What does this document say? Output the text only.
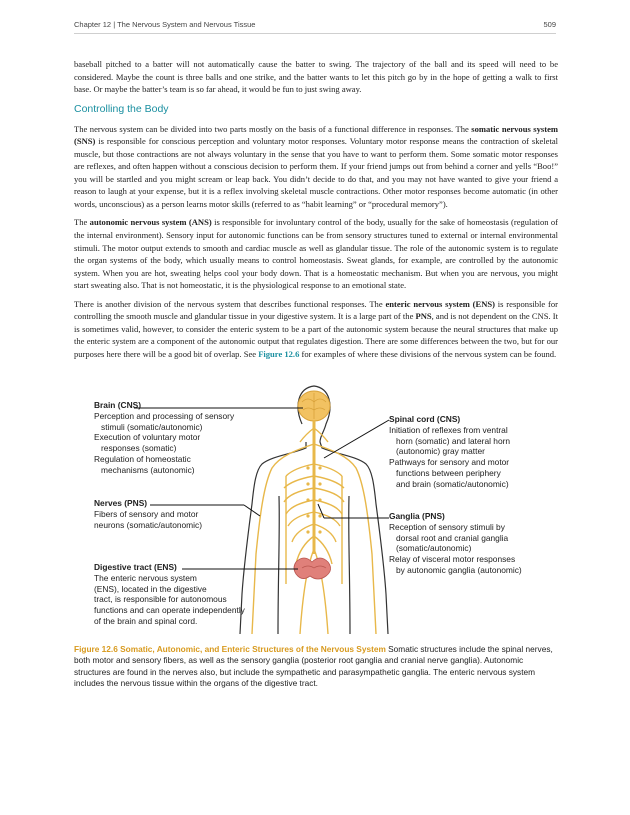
Chapter 12 | The Nervous System and Nervous Tissue	509

baseball pitched to a batter will not automatically cause the batter to swing. The trajectory of the ball and its speed will need to be considered. Maybe the count is three balls and one strike, and the batter wants to let this pitch go by in the hope of getting a walk to first base. Or maybe the batter’s team is so far ahead, it would be fun to just swing away.

Controlling the Body

The nervous system can be divided into two parts mostly on the basis of a functional difference in responses. The somatic nervous system (SNS) is responsible for conscious perception and voluntary motor responses. Voluntary motor response means the contraction of skeletal muscle, but those contractions are not always voluntary in the sense that you have to want to perform them. Some somatic motor responses are reflexes, and often happen without a conscious decision to perform them. If your friend jumps out from behind a corner and yells “Boo!” you will be startled and you might scream or leap back. You didn’t decide to do that, and you may not have wanted to give your friend a reason to laugh at your expense, but it is a reflex involving skeletal muscle contractions. Other motor responses become automatic (in other words, unconscious) as a person learns motor skills (referred to as “habit learning” or “procedural memory”).

The autonomic nervous system (ANS) is responsible for involuntary control of the body, usually for the sake of homeostasis (regulation of the internal environment). Sensory input for autonomic functions can be from sensory structures tuned to external or internal environmental stimuli. The motor output extends to smooth and cardiac muscle as well as glandular tissue. The role of the autonomic system is to regulate the organ systems of the body, which usually means to control homeostasis. Sweat glands, for example, are controlled by the autonomic system. When you are hot, sweating helps cool your body down. That is a homeostatic mechanism. But when you are nervous, you might start sweating also. That is not homeostatic, it is the physiological response to an emotional state.

There is another division of the nervous system that describes functional responses. The enteric nervous system (ENS) is responsible for controlling the smooth muscle and glandular tissue in your digestive system. It is a large part of the PNS, and is not dependent on the CNS. It is sometimes valid, however, to consider the enteric system to be a part of the autonomic system because the neural structures that make up the enteric system are a component of the autonomic output that regulates digestion. There are some differences between the two, but for our purposes here there will be a good bit of overlap. See Figure 12.6 for examples of where these divisions of the nervous system can be found.

Brain (CNS)
Perception and processing of sensory
stimuli (somatic/autonomic)
Execution of voluntary motor
responses (somatic)
Regulation of homeostatic
mechanisms (autonomic)
Nerves (PNS)
Fibers of sensory and motor
neurons (somatic/autonomic)
Digestive tract (ENS)
The enteric nervous system
(ENS), located in the digestive
tract, is responsible for autonomous
functions and can operate independently
of the brain and spinal cord.
Spinal cord (CNS)
Initiation of reflexes from ventral
horn (somatic) and lateral horn
(autonomic) gray matter
Pathways for sensory and motor
functions between periphery
and brain (somatic/autonomic)
Ganglia (PNS)
Reception of sensory stimuli by
dorsal root and cranial ganglia
(somatic/autonomic)
Relay of visceral motor responses
by autonomic ganglia (autonomic)
Figure 12.6 Somatic, Autonomic, and Enteric Structures of the Nervous System Somatic structures include the spinal nerves, both motor and sensory fibers, as well as the sensory ganglia (posterior root ganglia and cranial nerve ganglia). Autonomic structures are found in the nerves also, but include the sympathetic and parasympathetic ganglia. The enteric nervous system includes the nervous tissue within the organs of the digestive tract.
